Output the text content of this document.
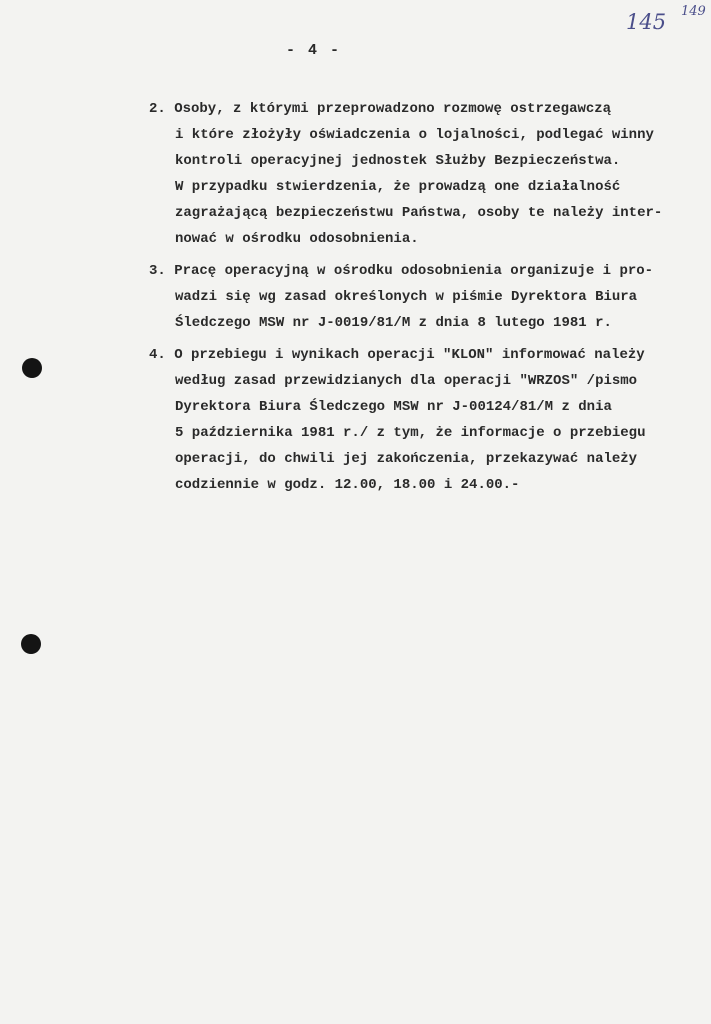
145 149
- 4 -
2. Osoby, z którymi przeprowadzono rozmowę ostrzegawczą
i które złożyły oświadczenia o lojalności, podlegać winny
kontroli operacyjnej jednostek Służby Bezpieczeństwa.
W przypadku stwierdzenia, że prowadzą one działalność
zagrażającą bezpieczeństwu Państwa, osoby te należy inter-
nować w ośrodku odosobnienia.
3. Pracę operacyjną w ośrodku odosobnienia organizuje i pro-
wadzi się wg zasad określonych w piśmie Dyrektora Biura
Śledczego MSW nr J-0019/81/M z dnia 8 lutego 1981 r.
4. O przebiegu i wynikach operacji "KLON" informować należy
według zasad przewidzianych dla operacji "WRZOS" /pismo
Dyrektora Biura Śledczego MSW nr J-00124/81/M z dnia
5 października 1981 r./ z tym, że informacje o przebiegu
operacji, do chwili jej zakończenia, przekazywać należy
codziennie w godz. 12.00, 18.00 i 24.00.-
